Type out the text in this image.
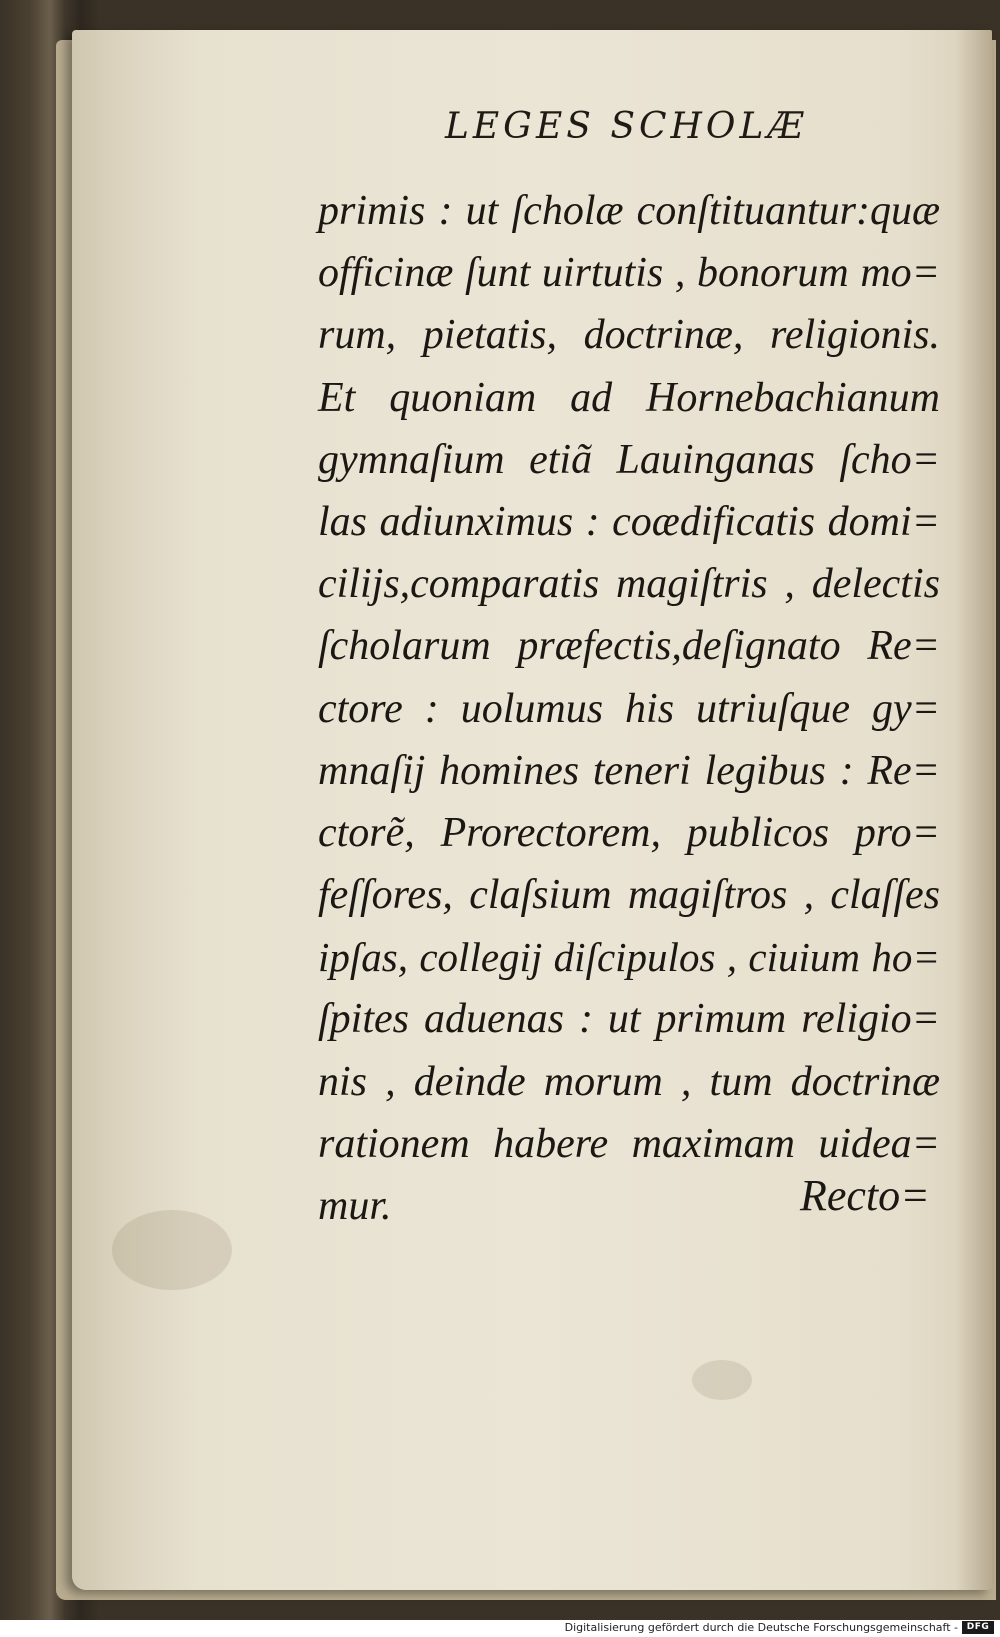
LEGES SCHOLÆ
primis : ut ſcholæ conſtituantur:quæ
officinæ ſunt uirtutis , bonorum mo=
rum, pietatis, doctrinæ, religionis.
Et quoniam ad Hornebachianum
gymnaſium etiã Lauinganas ſcho=
las adiunximus : coædificatis domi=
cilijs,comparatis magiſtris , delectis
ſcholarum præfectis,deſignato Re=
ctore : uolumus his utriuſque gy=
mnaſij homines teneri legibus : Re=
ctorẽ, Prorectorem, publicos pro=
feſſores, claſsium magiſtros , claſſes
ipſas, collegij diſcipulos , ciuium ho=
ſpites aduenas : ut primum religio=
nis , deinde morum , tum doctrinæ
rationem habere maximam uidea=
mur.	Recto=
Digitalisierung gefördert durch die Deutsche Forschungsgemeinschaft - DFG
